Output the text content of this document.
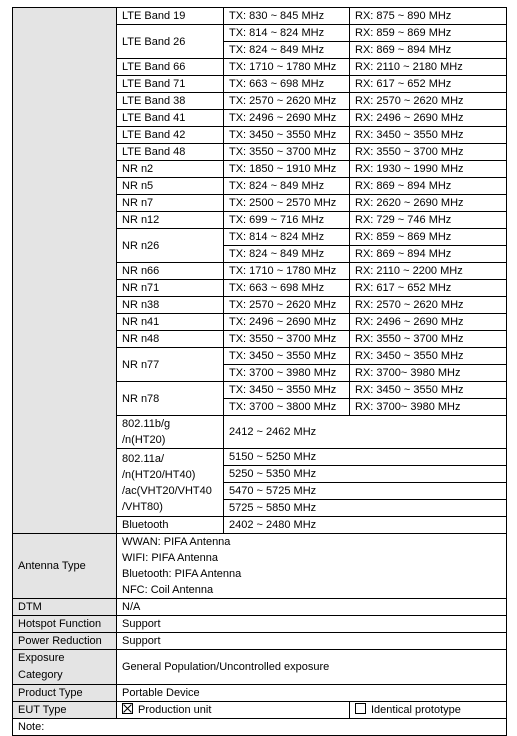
	LTE Band 19	TX: 830 ~ 845 MHz	RX: 875 ~ 890 MHz
	LTE Band 26	TX: 814 ~ 824 MHz	RX: 859 ~ 869 MHz
		TX: 824 ~ 849 MHz	RX: 869 ~ 894 MHz
	LTE Band 66	TX: 1710 ~ 1780 MHz	RX: 2110 ~ 2180 MHz
	LTE Band 71	TX: 663 ~ 698 MHz	RX: 617 ~ 652 MHz
	LTE Band 38	TX: 2570 ~ 2620 MHz	RX: 2570 ~ 2620 MHz
	LTE Band 41	TX: 2496 ~ 2690 MHz	RX: 2496 ~ 2690 MHz
	LTE Band 42	TX: 3450 ~ 3550 MHz	RX: 3450 ~ 3550 MHz
	LTE Band 48	TX: 3550 ~ 3700 MHz	RX: 3550 ~ 3700 MHz
	NR n2	TX: 1850 ~ 1910 MHz	RX: 1930 ~ 1990 MHz
	NR n5	TX: 824 ~ 849 MHz	RX: 869 ~ 894 MHz
	NR n7	TX: 2500 ~ 2570 MHz	RX: 2620 ~ 2690 MHz
	NR n12	TX: 699 ~ 716 MHz	RX: 729 ~ 746 MHz
	NR n26	TX: 814 ~ 824 MHz	RX: 859 ~ 869 MHz
		TX: 824 ~ 849 MHz	RX: 869 ~ 894 MHz
	NR n66	TX: 1710 ~ 1780 MHz	RX: 2110 ~ 2200 MHz
	NR n71	TX: 663 ~ 698 MHz	RX: 617 ~ 652 MHz
	NR n38	TX: 2570 ~ 2620 MHz	RX: 2570 ~ 2620 MHz
	NR n41	TX: 2496 ~ 2690 MHz	RX: 2496 ~ 2690 MHz
	NR n48	TX: 3550 ~ 3700 MHz	RX: 3550 ~ 3700 MHz
	NR n77	TX: 3450 ~ 3550 MHz	RX: 3450 ~ 3550 MHz
		TX: 3700 ~ 3980 MHz	RX: 3700~ 3980 MHz
	NR n78	TX: 3450 ~ 3550 MHz	RX: 3450 ~ 3550 MHz
		TX: 3700 ~ 3800 MHz	RX: 3700~ 3980 MHz

	802.11b/g
/n(HT20)	2412 ~ 2462 MHz	

	802.11a/
/n(HT20/HT40)
/ac(VHT20/VHT40
/VHT80)	5150 ~ 5250 MHz	
		5250 ~ 5350 MHz	
		5470 ~ 5725 MHz	
		5725 ~ 5850 MHz	
	Bluetooth	2402 ~ 2480 MHz	
Antenna Type	WWAN: PIFA Antenna
WIFI: PIFA Antenna
Bluetooth: PIFA Antenna
NFC: Coil Antenna		

DTM	N/A		
Hotspot Function	Support		
Power Reduction	Support		

Exposure
Category	General Population/Uncontrolled exposure		
Product Type	Portable Device		
EUT Type	Production unit		Identical prototype
Note:			
